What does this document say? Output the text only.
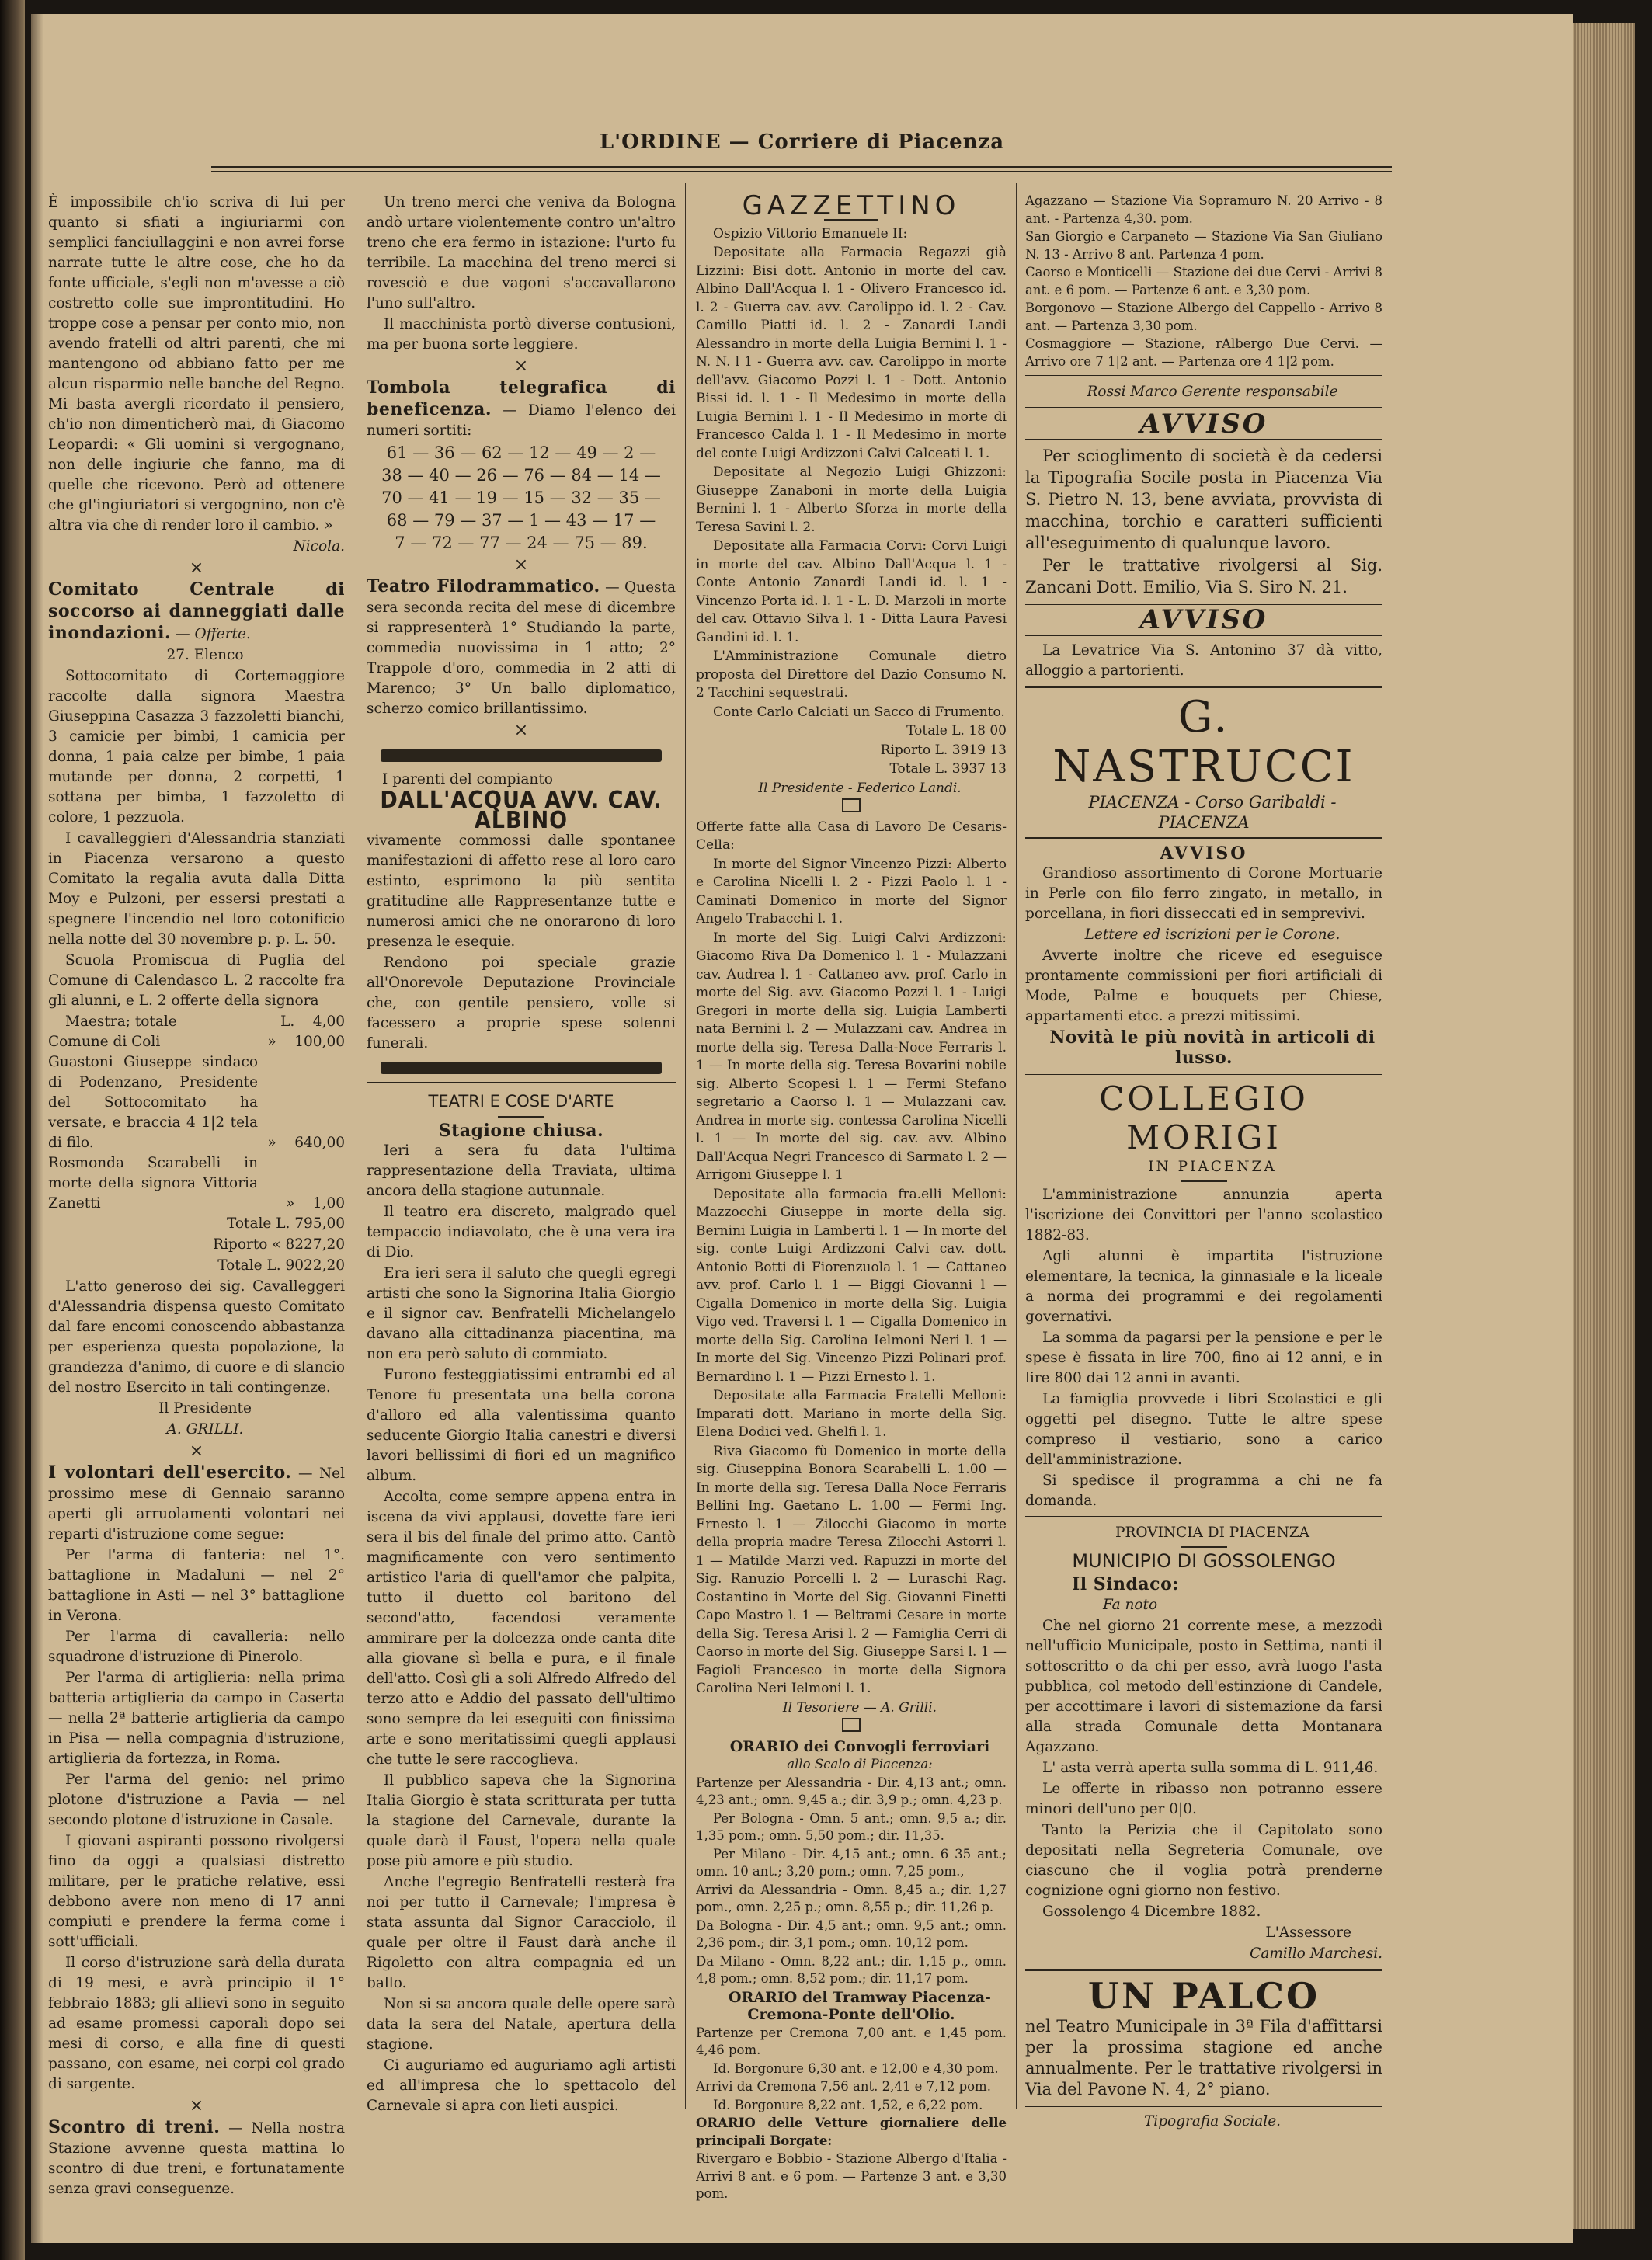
L'ORDINE — Corriere di Piacenza

È impossibile ch'io scriva di lui per quanto si sfiati a ingiuriarmi con semplici fanciullaggini e non avrei forse narrate tutte le altre cose, che ho da fonte ufficiale, s'egli non m'avesse a ciò costretto colle sue improntitudini. Ho troppe cose a pensar per conto mio, non avendo fratelli od altri parenti, che mi mantengono od abbiano fatto per me alcun risparmio nelle banche del Regno. Mi basta avergli ricordato il pensiero, ch'io non dimenticherò mai, di Giacomo Leopardi: « Gli uomini si vergognano, non delle ingiurie che fanno, ma di quelle che ricevono. Però ad ottenere che gl'ingiuriatori si vergognino, non c'è altra via che di render loro il cambio. »

Nicola.

×

Comitato Centrale di soccorso ai danneggiati dalle inondazioni. — Offerte.

27. Elenco

Sottocomitato di Cortemaggiore raccolte dalla signora Maestra Giuseppina Casazza 3 fazzoletti bianchi, 3 camicie per bimbi, 1 camicia per donna, 1 paia calze per bimbe, 1 paia mutande per donna, 2 corpetti, 1 sottana per bimba, 1 fazzoletto di colore, 1 pezzuola.

I cavalleggieri d'Alessandria stanziati in Piacenza versarono a questo Comitato la regalia avuta dalla Ditta Moy e Pulzoni, per essersi prestati a spegnere l'incendio nel loro cotonificio nella notte del 30 novembre p. p. L. 50.

Scuola Promiscua di Puglia del Comune di Calendasco L. 2 raccolte fra gli alunni, e L. 2 offerte della signora

Maestra; totale	L. 4,00
Comune di Coli	» 100,00
Guastoni Giuseppe sindaco di Podenzano, Presidente del Sottocomitato ha versate, e braccia 4 1|2 tela di filo.	» 640,00
Rosmonda Scarabelli in morte della signora Vittoria Zanetti	» 1,00

Totale L. 795,00

Riporto « 8227,20

Totale L. 9022,20

L'atto generoso dei sig. Cavalleggeri d'Alessandria dispensa questo Comitato dal fare encomi conoscendo abbastanza per esperienza questa popolazione, la grandezza d'animo, di cuore e di slancio del nostro Esercito in tali contingenze.

Il Presidente

A. GRILLI.

×

I volontari dell'esercito. — Nel prossimo mese di Gennaio saranno aperti gli arruolamenti volontari nei reparti d'istruzione come segue:

Per l'arma di fanteria: nel 1°. battaglione in Madaluni — nel 2° battaglione in Asti — nel 3° battaglione in Verona.

Per l'arma di cavalleria: nello squadrone d'istruzione di Pinerolo.

Per l'arma di artiglieria: nella prima batteria artiglieria da campo in Caserta — nella 2ª batterie artiglieria da campo in Pisa — nella compagnia d'istruzione, artiglieria da fortezza, in Roma.

Per l'arma del genio: nel primo plotone d'istruzione a Pavia — nel secondo plotone d'istruzione in Casale.

I giovani aspiranti possono rivolgersi fino da oggi a qualsiasi distretto militare, per le pratiche relative, essi debbono avere non meno di 17 anni compiuti e prendere la ferma come i sott'ufficiali.

Il corso d'istruzione sarà della durata di 19 mesi, e avrà principio il 1° febbraio 1883; gli allievi sono in seguito ad esame promessi caporali dopo sei mesi di corso, e alla fine di questi passano, con esame, nei corpi col grado di sargente.

×

Scontro di treni. — Nella nostra Stazione avvenne questa mattina lo scontro di due treni, e fortunatamente senza gravi conseguenze.

Un treno merci che veniva da Bologna andò urtare violentemente contro un'altro treno che era fermo in istazione: l'urto fu terribile. La macchina del treno merci si rovesciò e due vagoni s'accavallarono l'uno sull'altro.

Il macchinista portò diverse contusioni, ma per buona sorte leggiere.

×

Tombola telegrafica di beneficenza. — Diamo l'elenco dei numeri sortiti:

61 — 36 — 62 — 12 — 49 — 2 —
38 — 40 — 26 — 76 — 84 — 14 —
70 — 41 — 19 — 15 — 32 — 35 —
68 — 79 — 37 — 1 — 43 — 17 —
7 — 72 — 77 — 24 — 75 — 89.
×

Teatro Filodrammatico. — Questa sera seconda recita del mese di dicembre si rappresenterà 1° Studiando la parte, commedia nuovissima in 1 atto; 2° Trappole d'oro, commedia in 2 atti di Marenco; 3° Un ballo diplomatico, scherzo comico brillantissimo.

×

I parenti del compianto

DALL'ACQUA AVV. CAV. ALBINO

vivamente commossi dalle spontanee manifestazioni di affetto rese al loro caro estinto, esprimono la più sentita gratitudine alle Rappresentanze tutte e numerosi amici che ne onorarono di loro presenza le esequie.

Rendono poi speciale grazie all'Onorevole Deputazione Provinciale che, con gentile pensiero, volle si facessero a proprie spese solenni funerali.

TEATRI E COSE D'ARTE
Stagione chiusa.

Ieri a sera fu data l'ultima rappresentazione della Traviata, ultima ancora della stagione autunnale.

Il teatro era discreto, malgrado quel tempaccio indiavolato, che è una vera ira di Dio.

Era ieri sera il saluto che quegli egregi artisti che sono la Signorina Italia Giorgio e il signor cav. Benfratelli Michelangelo davano alla cittadinanza piacentina, ma non era però saluto di commiato.

Furono festeggiatissimi entrambi ed al Tenore fu presentata una bella corona d'alloro ed alla valentissima quanto seducente Giorgio Italia canestri e diversi lavori bellissimi di fiori ed un magnifico album.

Accolta, come sempre appena entra in iscena da vivi applausi, dovette fare ieri sera il bis del finale del primo atto. Cantò magnificamente con vero sentimento artistico l'aria di quell'amor che palpita, tutto il duetto col baritono del second'atto, facendosi veramente ammirare per la dolcezza onde canta dite alla giovane sì bella e pura, e il finale dell'atto. Così gli a soli Alfredo Alfredo del terzo atto e Addio del passato dell'ultimo sono sempre da lei eseguiti con finissima arte e sono meritatissimi quegli applausi che tutte le sere raccoglieva.

Il pubblico sapeva che la Signorina Italia Giorgio è stata scritturata per tutta la stagione del Carnevale, durante la quale darà il Faust, l'opera nella quale pose più amore e più studio.

Anche l'egregio Benfratelli resterà fra noi per tutto il Carnevale; l'impresa è stata assunta dal Signor Caracciolo, il quale per oltre il Faust darà anche il Rigoletto con altra compagnia ed un ballo.

Non si sa ancora quale delle opere sarà data la sera del Natale, apertura della stagione.

Ci auguriamo ed auguriamo agli artisti ed all'impresa che lo spettacolo del Carnevale si apra con lieti auspici.

GAZZETTINO

Ospizio Vittorio Emanuele II:

Depositate alla Farmacia Regazzi già Lizzini: Bisi dott. Antonio in morte del cav. Albino Dall'Acqua l. 1 - Olivero Francesco id. l. 2 - Guerra cav. avv. Carolippo id. l. 2 - Cav. Camillo Piatti id. l. 2 - Zanardi Landi Alessandro in morte della Luigia Bernini l. 1 - N. N. l 1 - Guerra avv. cav. Carolippo in morte dell'avv. Giacomo Pozzi l. 1 - Dott. Antonio Bissi id. l. 1 - Il Medesimo in morte della Luigia Bernini l. 1 - Il Medesimo in morte di Francesco Calda l. 1 - Il Medesimo in morte del conte Luigi Ardizzoni Calvi Calceati l. 1.

Depositate al Negozio Luigi Ghizzoni: Giuseppe Zanaboni in morte della Luigia Bernini l. 1 - Alberto Sforza in morte della Teresa Savini l. 2.

Depositate alla Farmacia Corvi: Corvi Luigi in morte del cav. Albino Dall'Acqua l. 1 - Conte Antonio Zanardi Landi id. l. 1 - Vincenzo Porta id. l. 1 - L. D. Marzoli in morte del cav. Ottavio Silva l. 1 - Ditta Laura Pavesi Gandini id. l. 1.

L'Amministrazione Comunale dietro proposta del Direttore del Dazio Consumo N. 2 Tacchini sequestrati.

Conte Carlo Calciati un Sacco di Frumento.

Totale L. 18 00

Riporto L. 3919 13

Totale L. 3937 13

Il Presidente - Federico Landi.

Offerte fatte alla Casa di Lavoro De Cesaris-Cella:

In morte del Signor Vincenzo Pizzi: Alberto e Carolina Nicelli l. 2 - Pizzi Paolo l. 1 - Caminati Domenico in morte del Signor Angelo Trabacchi l. 1.

In morte del Sig. Luigi Calvi Ardizzoni: Giacomo Riva Da Domenico l. 1 - Mulazzani cav. Audrea l. 1 - Cattaneo avv. prof. Carlo in morte del Sig. avv. Giacomo Pozzi l. 1 - Luigi Gregori in morte della sig. Luigia Lamberti nata Bernini l. 2 — Mulazzani cav. Andrea in morte della sig. Teresa Dalla-Noce Ferraris l. 1 — In morte della sig. Teresa Bovarini nobile sig. Alberto Scopesi l. 1 — Fermi Stefano segretario a Caorso l. 1 — Mulazzani cav. Andrea in morte sig. contessa Carolina Nicelli l. 1 — In morte del sig. cav. avv. Albino Dall'Acqua Negri Francesco di Sarmato l. 2 — Arrigoni Giuseppe l. 1

Depositate alla farmacia fra.elli Melloni: Mazzocchi Giuseppe in morte della sig. Bernini Luigia in Lamberti l. 1 — In morte del sig. conte Luigi Ardizzoni Calvi cav. dott. Antonio Botti di Fiorenzuola l. 1 — Cattaneo avv. prof. Carlo l. 1 — Biggi Giovanni l — Cigalla Domenico in morte della Sig. Luigia Vigo ved. Traversi l. 1 — Cigalla Domenico in morte della Sig. Carolina Ielmoni Neri l. 1 — In morte del Sig. Vincenzo Pizzi Polinari prof. Bernardino l. 1 — Pizzi Ernesto l. 1.

Depositate alla Farmacia Fratelli Melloni: Imparati dott. Mariano in morte della Sig. Elena Dodici ved. Ghelfi l. 1.

Riva Giacomo fù Domenico in morte della sig. Giuseppina Bonora Scarabelli L. 1.00 — In morte della sig. Teresa Dalla Noce Ferraris Bellini Ing. Gaetano L. 1.00 — Fermi Ing. Ernesto l. 1 — Zilocchi Giacomo in morte della propria madre Teresa Zilocchi Astorri l. 1 — Matilde Marzi ved. Rapuzzi in morte del Sig. Ranuzio Porcelli l. 2 — Luraschi Rag. Costantino in Morte del Sig. Giovanni Finetti Capo Mastro l. 1 — Beltrami Cesare in morte della Sig. Teresa Arisi l. 2 — Famiglia Cerri di Caorso in morte del Sig. Giuseppe Sarsi l. 1 — Fagioli Francesco in morte della Signora Carolina Neri Ielmoni l. 1.

Il Tesoriere — A. Grilli.

ORARIO dei Convogli ferroviari

allo Scalo di Piacenza:

Partenze per Alessandria - Dir. 4,13 ant.; omn. 4,23 ant.; omn. 9,45 a.; dir. 3,9 p.; omn. 4,23 p.

Per Bologna - Omn. 5 ant.; omn. 9,5 a.; dir. 1,35 pom.; omn. 5,50 pom.; dir. 11,35.

Per Milano - Dir. 4,15 ant.; omn. 6 35 ant.; omn. 10 ant.; 3,20 pom.; omn. 7,25 pom.,

Arrivi da Alessandria - Omn. 8,45 a.; dir. 1,27 pom., omn. 2,25 p.; omn. 8,55 p.; dir. 11,26 p.

Da Bologna - Dir. 4,5 ant.; omn. 9,5 ant.; omn. 2,36 pom.; dir. 3,1 pom.; omn. 10,12 pom.

Da Milano - Omn. 8,22 ant.; dir. 1,15 p., omn. 4,8 pom.; omn. 8,52 pom.; dir. 11,17 pom.

ORARIO del Tramway Piacenza-Cremona-Ponte dell'Olio.

Partenze per Cremona 7,00 ant. e 1,45 pom. 4,46 pom.

Id. Borgonure 6,30 ant. e 12,00 e 4,30 pom.

Arrivi da Cremona 7,56 ant. 2,41 e 7,12 pom.

Id. Borgonure 8,22 ant. 1,52, e 6,22 pom.

ORARIO delle Vetture giornaliere delle principali Borgate:

Rivergaro e Bobbio - Stazione Albergo d'Italia - Arrivi 8 ant. e 6 pom. — Partenze 3 ant. e 3,30 pom.

Agazzano — Stazione Via Sopramuro N. 20 Arrivo - 8 ant. - Partenza 4,30. pom.

San Giorgio e Carpaneto — Stazione Via San Giuliano N. 13 - Arrivo 8 ant. Partenza 4 pom.

Caorso e Monticelli — Stazione dei due Cervi - Arrivi 8 ant. e 6 pom. — Partenze 6 ant. e 3,30 pom.

Borgonovo — Stazione Albergo del Cappello - Arrivo 8 ant. — Partenza 3,30 pom.

Cosmaggiore — Stazione, rAlbergo Due Cervi. — Arrivo ore 7 1|2 ant. — Partenza ore 4 1|2 pom.

Rossi Marco Gerente responsabile

AVVISO

Per scioglimento di società è da cedersi la Tipografia Socile posta in Piacenza Via S. Pietro N. 13, bene avviata, provvista di macchina, torchio e caratteri sufficienti all'eseguimento di qualunque lavoro.

Per le trattative rivolgersi al Sig. Zancani Dott. Emilio, Via S. Siro N. 21.

AVVISO

La Levatrice Via S. Antonino 37 dà vitto, alloggio a partorienti.

G. NASTRUCCI

PIACENZA - Corso Garibaldi - PIACENZA

AVVISO

Grandioso assortimento di Corone Mortuarie in Perle con filo ferro zingato, in metallo, in porcellana, in fiori disseccati ed in semprevivi.

Lettere ed iscrizioni per le Corone.

Avverte inoltre che riceve ed eseguisce prontamente commissioni per fiori artificiali di Mode, Palme e bouquets per Chiese, appartamenti etcc. a prezzi mitissimi.

Novità le più novità in articoli di lusso.

COLLEGIO MORIGI

IN PIACENZA

L'amministrazione annunzia aperta l'iscrizione dei Convittori per l'anno scolastico 1882-83.

Agli alunni è impartita l'istruzione elementare, la tecnica, la ginnasiale e la liceale a norma dei programmi e dei regolamenti governativi.

La somma da pagarsi per la pensione e per le spese è fissata in lire 700, fino ai 12 anni, e in lire 800 dai 12 anni in avanti.

La famiglia provvede i libri Scolastici e gli oggetti pel disegno. Tutte le altre spese compreso il vestiario, sono a carico dell'amministrazione.

Si spedisce il programma a chi ne fa domanda.

PROVINCIA DI PIACENZA

MUNICIPIO DI GOSSOLENGO

Il Sindaco:

Fa noto

Che nel giorno 21 corrente mese, a mezzodì nell'ufficio Municipale, posto in Settima, nanti il sottoscritto o da chi per esso, avrà luogo l'asta pubblica, col metodo dell'estinzione di Candele, per accottimare i lavori di sistemazione da farsi alla strada Comunale detta Montanara Agazzano.

L' asta verrà aperta sulla somma di L. 911,46.

Le offerte in ribasso non potranno essere minori dell'uno per 0|0.

Tanto la Perizia che il Capitolato sono depositati nella Segreteria Comunale, ove ciascuno che il voglia potrà prenderne cognizione ogni giorno non festivo.

Gossolengo 4 Dicembre 1882.

L'Assessore

Camillo Marchesi.

UN PALCO

nel Teatro Municipale in 3ª Fila d'affittarsi per la prossima stagione ed anche annualmente. Per le trattative rivolgersi in Via del Pavone N. 4, 2° piano.

Tipografia Sociale.
